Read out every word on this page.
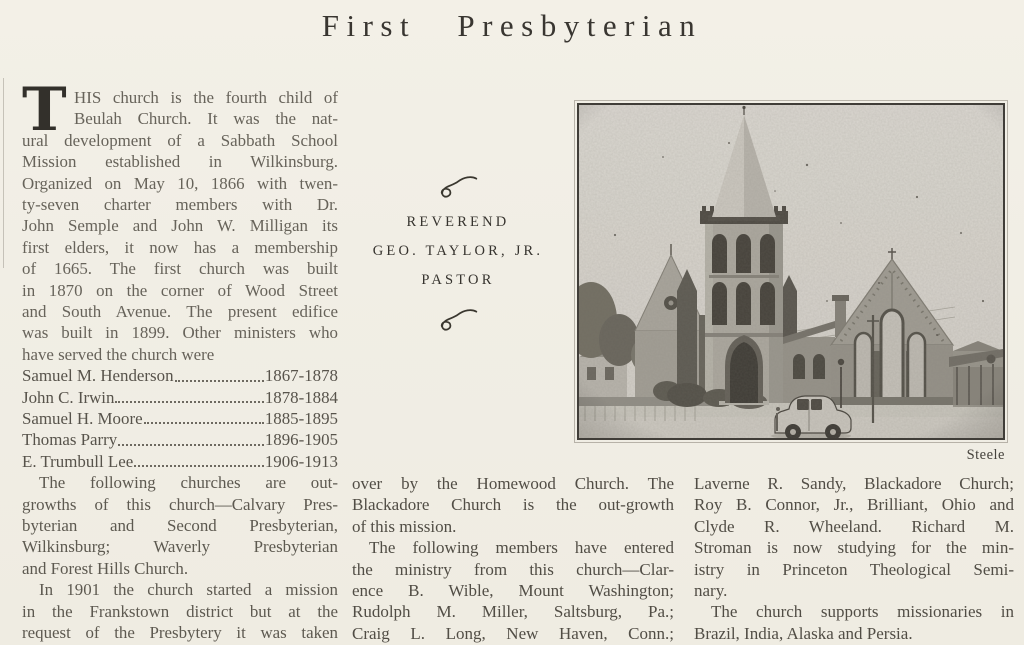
First Presbyterian
T HIS church is the fourth child of
Beulah Church. It was the nat-
ural development of a Sabbath School
Mission established in Wilkinsburg.
Organized on May 10, 1866 with twen-
ty-seven charter members with Dr.
John Semple and John W. Milligan its
first elders, it now has a membership
of 1665. The first church was built
in 1870 on the corner of Wood Street
and South Avenue. The present edifice
was built in 1899. Other ministers who
have served the church were
Samuel M. Henderson	1867-1878
John C. Irwin	1878-1884
Samuel H. Moore	1885-1895
Thomas Parry	1896-1905
E. Trumbull Lee	1906-1913
The following churches are out-
growths of this church—Calvary Pres-
byterian and Second Presbyterian,
Wilkinsburg; Waverly Presbyterian
and Forest Hills Church.
In 1901 the church started a mission
in the Frankstown district but at the
request of the Presbytery it was taken
REVEREND
GEO. TAYLOR, JR.
PASTOR
Steele
over by the Homewood Church. The
Blackadore Church is the out-growth
of this mission.
The following members have entered
the ministry from this church—Clar-
ence B. Wible, Mount Washington;
Rudolph M. Miller, Saltsburg, Pa.;
Craig L. Long, New Haven, Conn.;
Laverne R. Sandy, Blackadore Church;
Roy B. Connor, Jr., Brilliant, Ohio and
Clyde R. Wheeland. Richard M.
Stroman is now studying for the min-
istry in Princeton Theological Semi-
nary.
The church supports missionaries in
Brazil, India, Alaska and Persia.
